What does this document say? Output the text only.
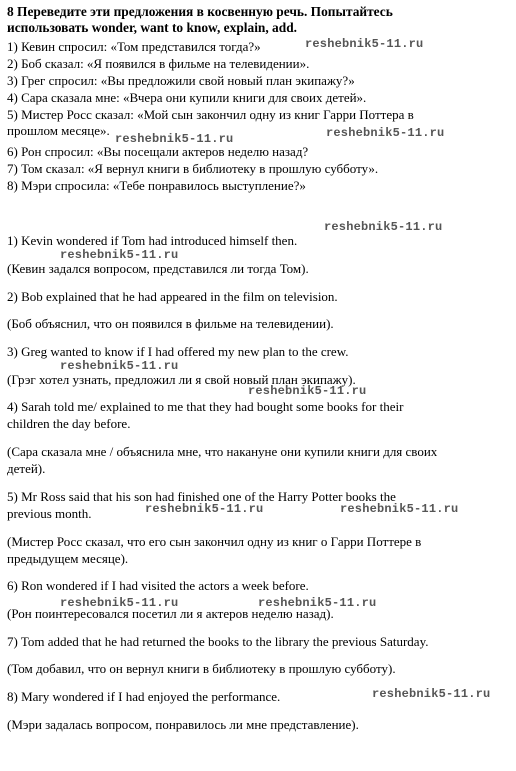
8 Переведите эти предложения в косвенную речь. Попытайтесь
использовать wonder, want to know, explain, add.

1) Кевин спросил: «Том представился тогда?»

2) Боб сказал: «Я появился в фильме на телевидении».

3) Грег спросил: «Вы предложили свой новый план экипажу?»

4) Сара сказала мне: «Вчера они купили книги для своих детей».

5) Мистер Росс сказал: «Мой сын закончил одну из книг Гарри Поттера в

прошлом месяце».

6) Рон спросил: «Вы посещали актеров неделю назад?

7) Том сказал: «Я вернул книги в библиотеку в прошлую субботу».

8) Мэри спросила: «Тебе понравилось выступление?»

1) Kevin wondered if Tom had introduced himself then.

(Кевин задался вопросом, представился ли тогда Том).

2) Bob explained that he had appeared in the film on television.

(Боб объяснил, что он появился в фильме на телевидении).

3) Greg wanted to know if I had offered my new plan to the crew.

(Грэг хотел узнать, предложил ли я свой новый план экипажу).

4) Sarah told me/ explained to me that they had bought some books for their

children the day before.

(Сара сказала мне / объяснила мне, что накануне они купили книги для своих

детей).

5) Mr Ross said that his son had finished one of the Harry Potter books the

previous month.

(Мистер Росс сказал, что его сын закончил одну из книг о Гарри Поттере в

предыдущем месяце).

6) Ron wondered if I had visited the actors a week before.

(Рон поинтересовался посетил ли я актеров неделю назад).

7) Tom added that he had returned the books to the library the previous Saturday.

(Том добавил, что он вернул книги в библиотеку в прошлую субботу).

8) Mary wondered if I had enjoyed the performance.

(Мэри задалась вопросом, понравилось ли мне представление).

reshebnik5-11.ru
reshebnik5-11.ru	reshebnik5-11.ru
reshebnik5-11.ru
reshebnik5-11.ru
reshebnik5-11.ru
reshebnik5-11.ru
reshebnik5-11.ru	reshebnik5-11.ru
reshebnik5-11.ru	reshebnik5-11.ru
reshebnik5-11.ru
